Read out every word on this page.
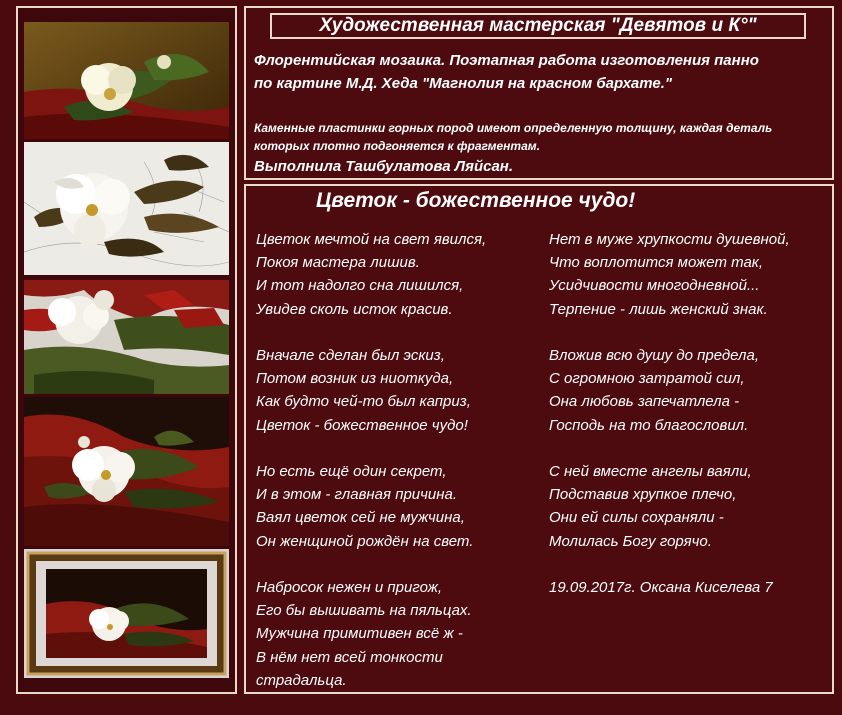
Художественная мастерская "Девятов и К°"
Флорентийская мозаика. Поэтапная работа изготовления панно
по картине М.Д. Хеда "Магнолия на красном бархате."
Каменные пластинки горных пород имеют определенную толщину, каждая деталь
которых плотно подгоняется к фрагментам.
Выполнила Ташбулатова Ляйсан.
Цветок - божественное чудо!
Цветок мечтой на свет явился,
Покоя мастера лишив.
И тот надолго сна лишился,
Увидев сколь исток красив.
Вначале сделан был эскиз,
Потом возник из ниоткуда,
Как будто чей-то был каприз,
Цветок - божественное чудо!
Но есть ещё один секрет,
И в этом - главная причина.
Ваял цветок сей не мужчина,
Он женщиной рождён на свет.
Набросок нежен и пригож,
Его бы вышивать на пяльцах.
Мужчина примитивен всё ж -
В нём нет всей тонкости
страдальца.
Нет в муже хрупкости душевной,
Что воплотится может так,
Усидчивости многодневной...
Терпение - лишь женский знак.
Вложив всю душу до предела,
С огромною затратой сил,
Она любовь запечатлела -
Господь на то благословил.
С ней вместе ангелы ваяли,
Подставив хрупкое плечо,
Они ей силы сохраняли -
Молилась Богу горячо.
19.09.2017г. Оксана Киселева 7
